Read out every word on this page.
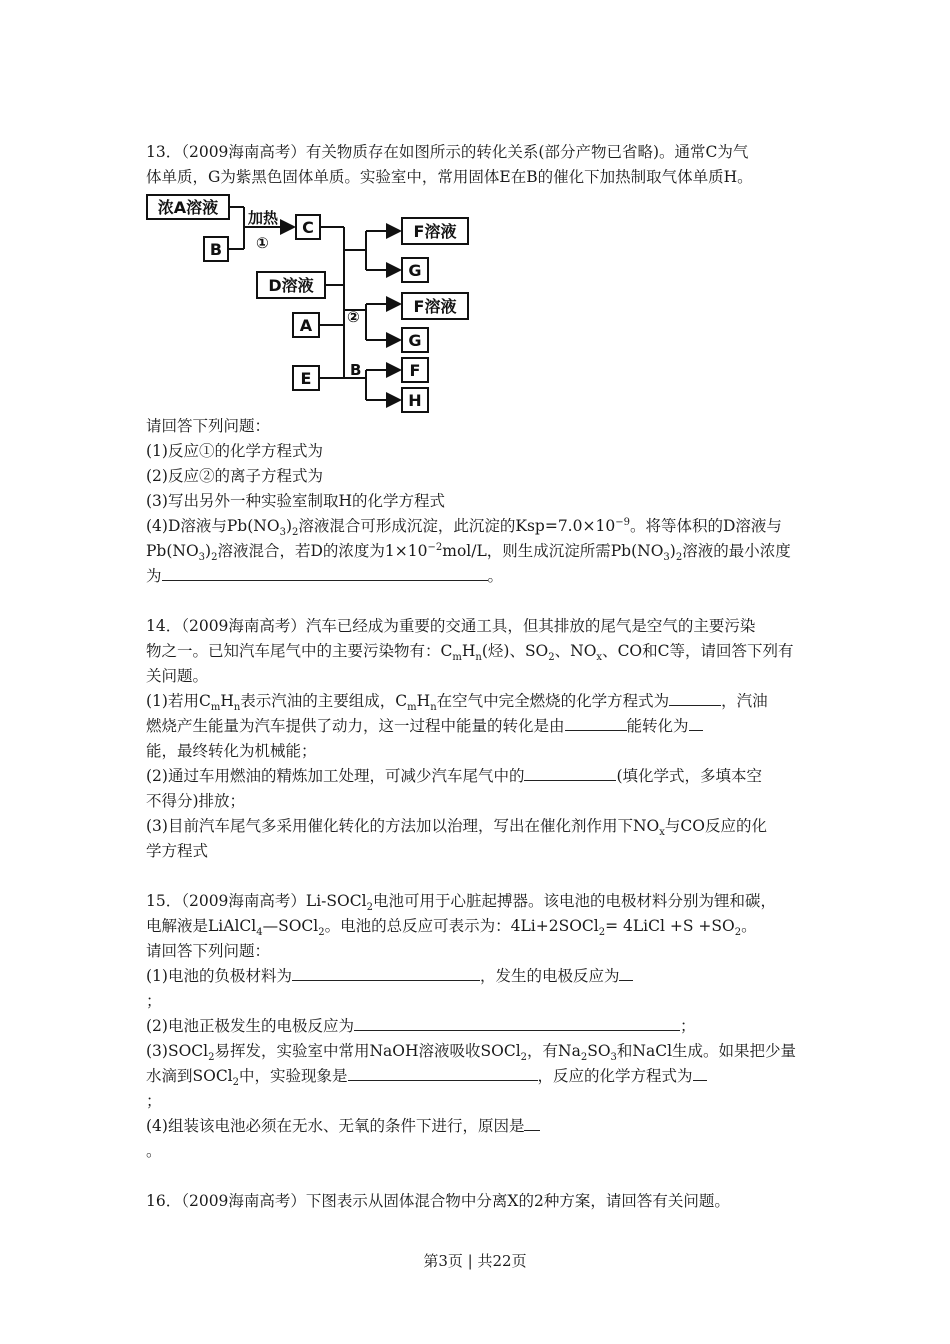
13．（2009海南高考）有关物质存在如图所示的转化关系(部分产物已省略)。通常C为气
体单质，G为紫黑色固体单质。实验室中，常用固体E在B的催化下加热制取气体单质H。
浓A溶液
B
加热
①
C	F溶液
G
D溶液
②
A
F溶液
G
E	B	F
H
请回答下列问题：
(1)反应①的化学方程式为
(2)反应②的离子方程式为
(3)写出另外一种实验室制取H的化学方程式
(4)D溶液与$Pb(NO_3)_2$溶液混合可形成沉淀，此沉淀的$Ksp=7.0\times 10^{-9}$。将等体积的D溶液与
$Pb(NO_3)_2$溶液混合，若D的浓度为$1\times 10^{-2}mol/L$，则生成沉淀所需$Pb(NO_3)_2$溶液的最小浓度
为	。
14．（2009海南高考）汽车已经成为重要的交通工具，但其排放的尾气是空气的主要污染
物之一。已知汽车尾气中的主要污染物有：$C_mH_n$(烃)、$SO_2$、$NO_x$、CO和C等，请回答下列有
关问题。
(1)若用$C_mH_n$表示汽油的主要组成，$C_mH_n$在空气中完全燃烧的化学方程式为	，汽油
燃烧产生能量为汽车提供了动力，这一过程中能量的转化是由	能转化为
能，最终转化为机械能；
(2)通过车用燃油的精炼加工处理，可减少汽车尾气中的	(填化学式，多填本空
不得分)排放；
(3)目前汽车尾气多采用催化转化的方法加以治理，写出在催化剂作用下$NO_x$与CO反应的化
学方程式
15．（2009海南高考）Li-SOCl$_2$电池可用于心脏起搏器。该电池的电极材料分别为锂和碳，
电解液是LiAlCl$_4$—SOCl$_2$。电池的总反应可表示为：4Li+2SOCl$_2$= 4LiCl $+S +SO_2$。
请回答下列问题：
(1)电池的负极材料为	，发生的电极反应为
；
(2)电池正极发生的电极反应为	；
(3)SOCl$_2$易挥发，实验室中常用NaOH溶液吸收SOCl$_2$，有$Na_2SO_3$和NaCl生成。如果把少量
水滴到SOCl$_2$中，实验现象是	，反应的化学方程式为
；
(4)组装该电池必须在无水、无氧的条件下进行，原因是
。
16．（2009海南高考）下图表示从固体混合物中分离X的2种方案，请回答有关问题。
第3页 | 共22页
